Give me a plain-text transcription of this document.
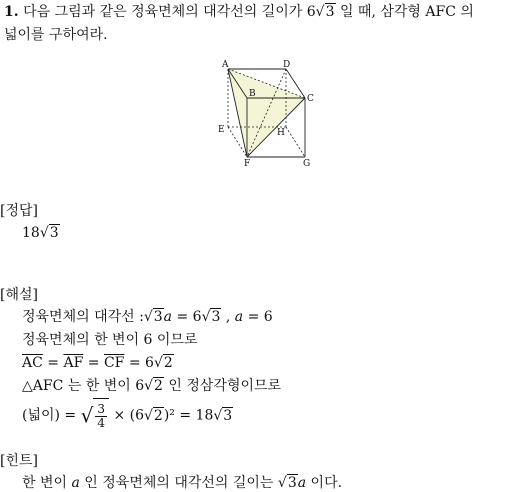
1. 다음 그림과 같은 정육면체의 대각선의 길이가 6√3 일 때, 삼각형 AFC 의
넓이를 구하여라.
A	D
B	C
E	H
F	G
[정답]
18√3
[해설]
정육면체의 대각선 :√3a = 6√3 , a = 6
정육면체의 한 변이 6 이므로
$\overline{AC} = \overline{AF} = \overline{CF} = 6√2$
△AFC 는 한 변이 6√2 인 정삼각형이므로
(넓이) = √ $\frac{3}{4} \times (6√2)^2 = 18√3$
[힌트]
한 변이 a 인 정육면체의 대각선의 길이는 √3a 이다.
